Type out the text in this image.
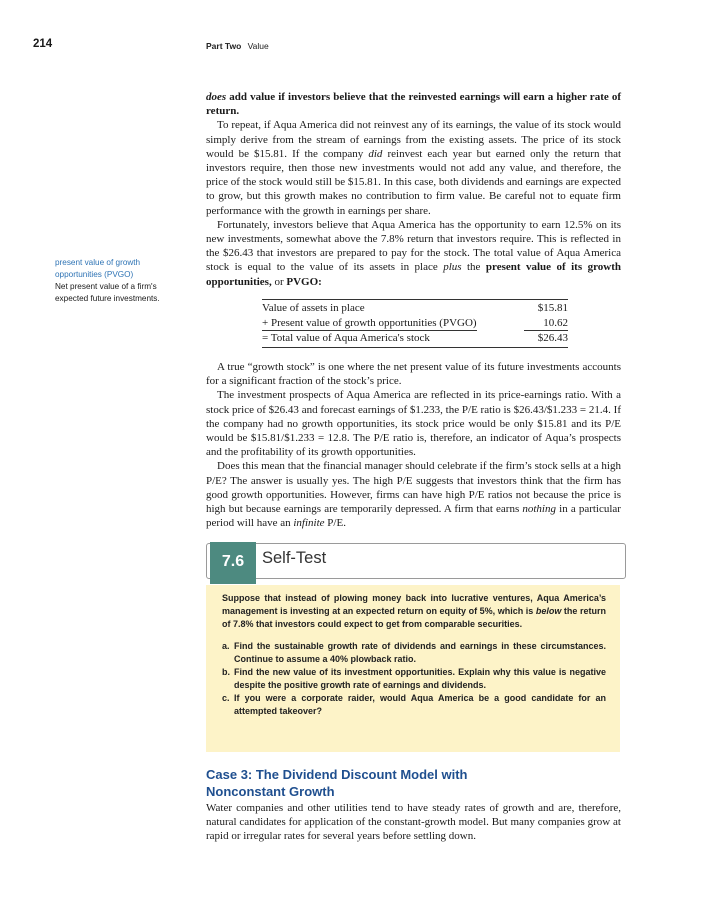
214	Part Two Value

does add value if investors believe that the reinvested earnings will earn a higher rate of return.

To repeat, if Aqua America did not reinvest any of its earnings, the value of its stock would simply derive from the stream of earnings from the existing assets. The price of its stock would be $15.81. If the company did reinvest each year but earned only the return that investors require, then those new investments would not add any value, and therefore, the price of the stock would still be $15.81. In this case, both dividends and earnings are expected to grow, but this growth makes no contribution to firm value. Be careful not to equate firm performance with the growth in earnings per share.

Fortunately, investors believe that Aqua America has the opportunity to earn 12.5% on its new investments, somewhat above the 7.8% return that investors require. This is reflected in the $26.43 that investors are prepared to pay for the stock. The total value of Aqua America stock is equal to the value of its assets in place plus the present value of its growth opportunities, or PVGO:

present value of growth opportunities (PVGO)
Net present value of a firm's expected future investments.
Value of assets in place	$15.81
+ Present value of growth opportunities (PVGO)	10.62
= Total value of Aqua America's stock	$26.43

A true “growth stock” is one where the net present value of its future investments accounts for a significant fraction of the stock’s price.

The investment prospects of Aqua America are reflected in its price-earnings ratio. With a stock price of $26.43 and forecast earnings of $1.233, the P/E ratio is $26.43/$1.233 = 21.4. If the company had no growth opportunities, its stock price would be only $15.81 and its P/E would be $15.81/$1.233 = 12.8. The P/E ratio is, therefore, an indicator of Aqua’s prospects and the profitability of its growth opportunities.

Does this mean that the financial manager should celebrate if the firm’s stock sells at a high P/E? The answer is usually yes. The high P/E suggests that investors think that the firm has good growth opportunities. However, firms can have high P/E ratios not because the price is high but because earnings are temporarily depressed. A firm that earns nothing in a particular period will have an infinite P/E.

7.6	Self-Test

Suppose that instead of plowing money back into lucrative ventures, Aqua America’s management is investing at an expected return on equity of 5%, which is below the return of 7.8% that investors could expect to get from comparable securities.

a. Find the sustainable growth rate of dividends and earnings in these circumstances. Continue to assume a 40% plowback ratio.
b. Find the new value of its investment opportunities. Explain why this value is negative despite the positive growth rate of earnings and dividends.
c. If you were a corporate raider, would Aqua America be a good candidate for an attempted takeover?
Case 3: The Dividend Discount Model with Nonconstant Growth

Water companies and other utilities tend to have steady rates of growth and are, therefore, natural candidates for application of the constant-growth model. But many companies grow at rapid or irregular rates for several years before settling down.
